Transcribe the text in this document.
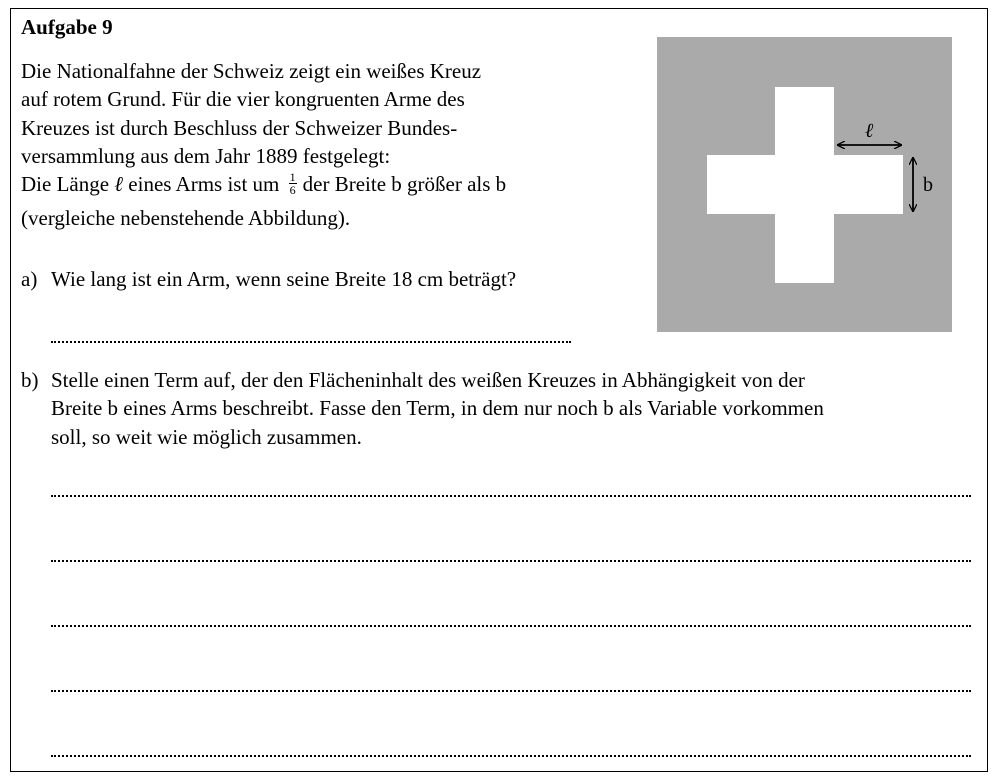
Aufgabe 9
Die Nationalfahne der Schweiz zeigt ein weißes Kreuz
auf rotem Grund. Für die vier kongruenten Arme des
Kreuzes ist durch Beschluss der Schweizer Bundes-
versammlung aus dem Jahr 1889 festgelegt:
Die Länge ℓ eines Arms ist um $\frac{1}{6}$ der Breite b größer als b
(vergleiche nebenstehende Abbildung).
a) Wie lang ist ein Arm, wenn seine Breite 18 cm beträgt?
b) Stelle einen Term auf, der den Flächeninhalt des weißen Kreuzes in Abhängigkeit von der
Breite b eines Arms beschreibt. Fasse den Term, in dem nur noch b als Variable vorkommen
soll, so weit wie möglich zusammen.
ℓ
b
